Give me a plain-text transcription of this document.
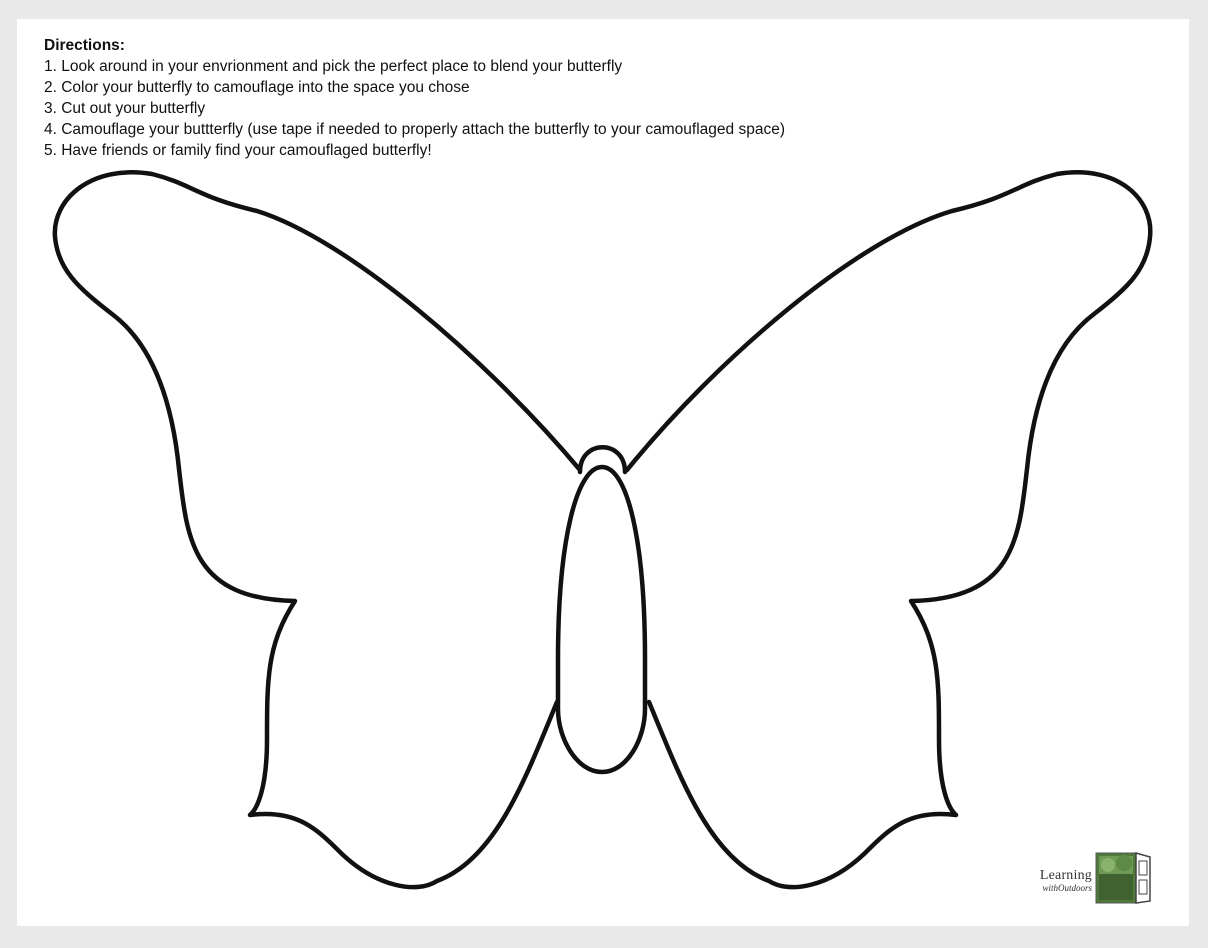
Directions:
1. Look around in your envrionment and pick the perfect place to blend your butterfly
2. Color your butterfly to camouflage into the space you chose
3. Cut out your butterfly
4. Camouflage your buttterfly (use tape if needed to properly attach the butterfly to your camouflaged space)
5. Have friends or family find your camouflaged butterfly!
Learning
withOutdoors
